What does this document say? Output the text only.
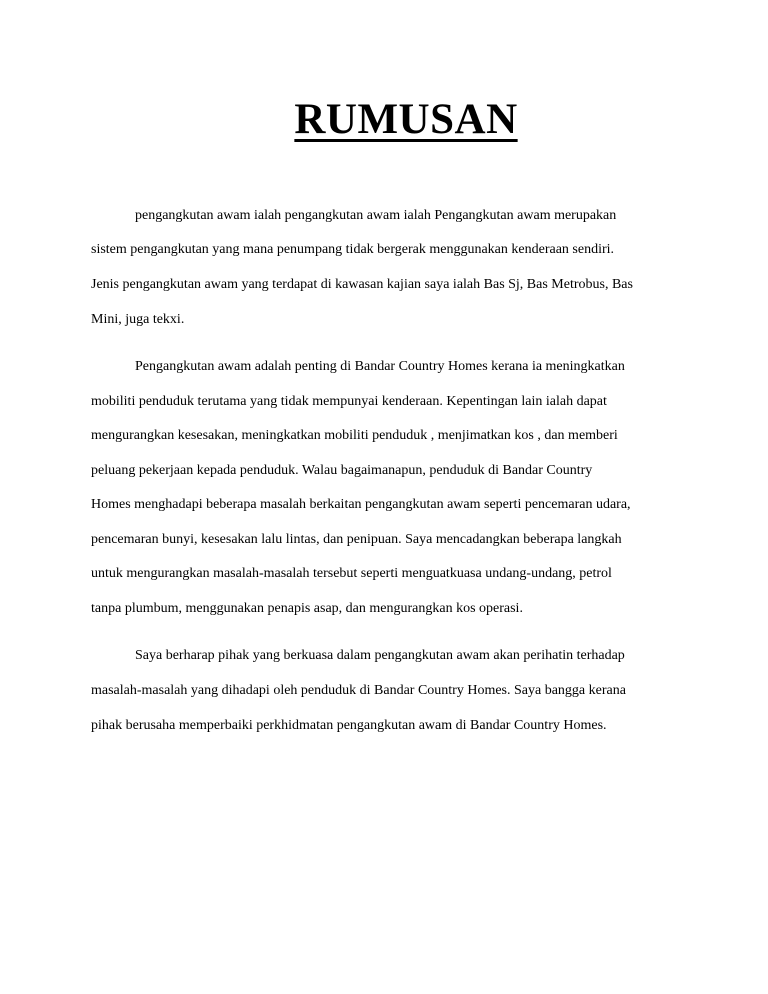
RUMUSAN
pengangkutan awam ialah pengangkutan awam ialah Pengangkutan awam merupakan
sistem pengangkutan yang mana penumpang tidak bergerak menggunakan kenderaan sendiri.
Jenis pengangkutan awam yang terdapat di kawasan kajian saya ialah Bas Sj, Bas Metrobus, Bas
Mini, juga tekxi.
Pengangkutan awam adalah penting di Bandar Country Homes kerana ia meningkatkan
mobiliti penduduk terutama yang tidak mempunyai kenderaan. Kepentingan lain ialah dapat
mengurangkan kesesakan, meningkatkan mobiliti penduduk , menjimatkan kos , dan memberi
peluang pekerjaan kepada penduduk. Walau bagaimanapun, penduduk di Bandar Country
Homes menghadapi beberapa masalah berkaitan pengangkutan awam seperti pencemaran udara,
pencemaran bunyi, kesesakan lalu lintas, dan penipuan. Saya mencadangkan beberapa langkah
untuk mengurangkan masalah-masalah tersebut seperti menguatkuasa undang-undang, petrol
tanpa plumbum, menggunakan penapis asap, dan mengurangkan kos operasi.
Saya berharap pihak yang berkuasa dalam pengangkutan awam akan perihatin terhadap
masalah-masalah yang dihadapi oleh penduduk di Bandar Country Homes. Saya bangga kerana
pihak berusaha memperbaiki perkhidmatan pengangkutan awam di Bandar Country Homes.
